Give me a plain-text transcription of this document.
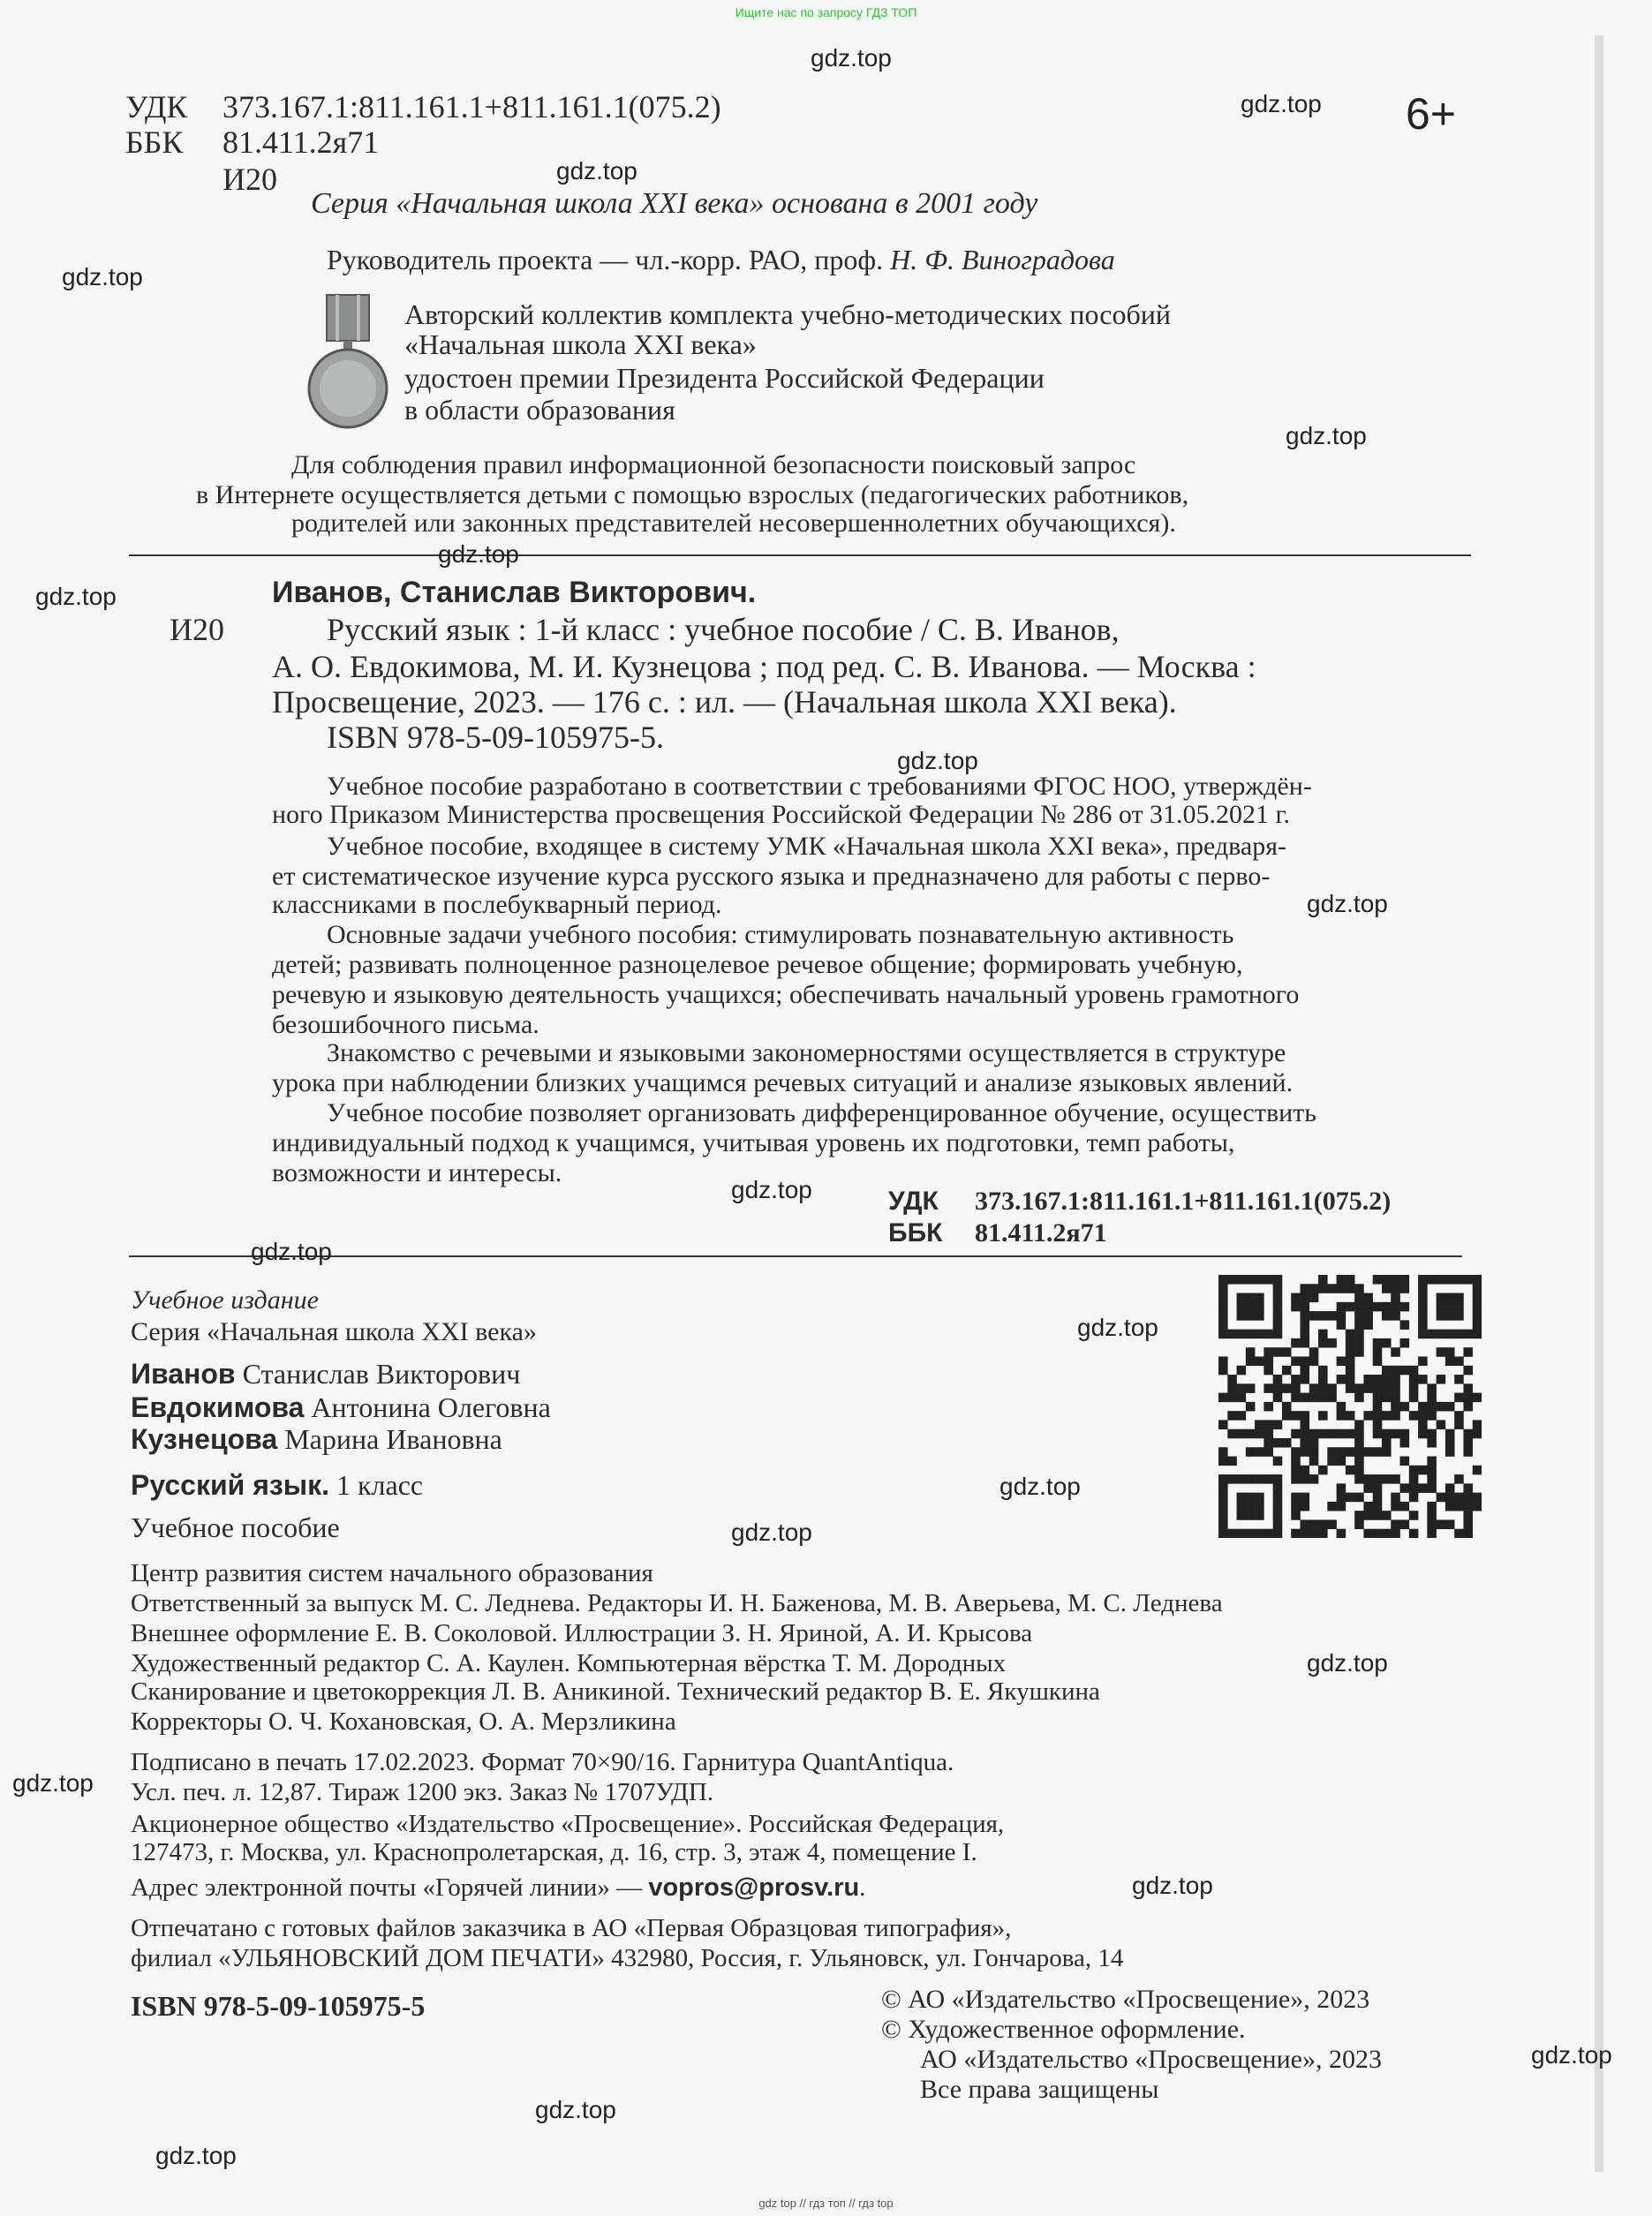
Ищите нас по запросу ГДЗ ТОП
УДК 373.167.1:811.161.1+811.161.1(075.2)
ББК 81.411.2я71
И20
6+
Серия «Начальная школа XXI века» основана в 2001 году
Руководитель проекта — чл.-корр. РАО, проф. Н. Ф. Виноградова
Авторский коллектив комплекта учебно-методических пособий
«Начальная школа XXI века»
удостоен премии Президента Российской Федерации
в области образования
Для соблюдения правил информационной безопасности поисковый запрос
в Интернете осуществляется детьми с помощью взрослых (педагогических работников,
родителей или законных представителей несовершеннолетних обучающихся).
Иванов, Станислав Викторович.
И20	Русский язык : 1-й класс : учебное пособие / С. В. Иванов,
А. О. Евдокимова, М. И. Кузнецова ; под ред. С. В. Иванова. — Москва :
Просвещение, 2023. — 176 с. : ил. — (Начальная школа XXI века).
ISBN 978-5-09-105975-5.
Учебное пособие разработано в соответствии с требованиями ФГОС НОО, утверждён-
ного Приказом Министерства просвещения Российской Федерации № 286 от 31.05.2021 г.
Учебное пособие, входящее в систему УМК «Начальная школа XXI века», предваря-
ет систематическое изучение курса русского языка и предназначено для работы с перво-
классниками в послебукварный период.
Основные задачи учебного пособия: стимулировать познавательную активность
детей; развивать полноценное разноцелевое речевое общение; формировать учебную,
речевую и языковую деятельность учащихся; обеспечивать начальный уровень грамотного
безошибочного письма.
Знакомство с речевыми и языковыми закономерностями осуществляется в структуре
урока при наблюдении близких учащимся речевых ситуаций и анализе языковых явлений.
Учебное пособие позволяет организовать дифференцированное обучение, осуществить
индивидуальный подход к учащимся, учитывая уровень их подготовки, темп работы,
возможности и интересы.
УДК 373.167.1:811.161.1+811.161.1(075.2)
ББК 81.411.2я71
Учебное издание
Серия «Начальная школа XXI века»
Иванов Станислав Викторович
Евдокимова Антонина Олеговна
Кузнецова Марина Ивановна
Русский язык. 1 класс
Учебное пособие
Центр развития систем начального образования
Ответственный за выпуск М. С. Леднева. Редакторы И. Н. Баженова, М. В. Аверьева, М. С. Леднева
Внешнее оформление Е. В. Соколовой. Иллюстрации З. Н. Яриной, А. И. Крысова
Художественный редактор С. А. Каулен. Компьютерная вёрстка Т. М. Дородных
Сканирование и цветокоррекция Л. В. Аникиной. Технический редактор В. Е. Якушкина
Корректоры О. Ч. Кохановская, О. А. Мерзликина
Подписано в печать 17.02.2023. Формат 70×90/16. Гарнитура QuantAntiqua.
Усл. печ. л. 12,87. Тираж 1200 экз. Заказ № 1707УДП.
Акционерное общество «Издательство «Просвещение». Российская Федерация,
127473, г. Москва, ул. Краснопролетарская, д. 16, стр. 3, этаж 4, помещение I.
Адрес электронной почты «Горячей линии» — vopros@prosv.ru.
Отпечатано с готовых файлов заказчика в АО «Первая Образцовая типография»,
филиал «УЛЬЯНОВСКИЙ ДОМ ПЕЧАТИ» 432980, Россия, г. Ульяновск, ул. Гончарова, 14
ISBN 978-5-09-105975-5	© АО «Издательство «Просвещение», 2023
© Художественное оформление.
АО «Издательство «Просвещение», 2023
Все права защищены
gdz.top
gdz.top
gdz.top
gdz.top
gdz.top
gdz.top
gdz.top
gdz.top
gdz.top
gdz.top
gdz.top
gdz.top
gdz.top
gdz.top
gdz.top
gdz.top
gdz.top
gdz.top
gdz.top
gdz.top
gdz top // гдз топ // гдз top
